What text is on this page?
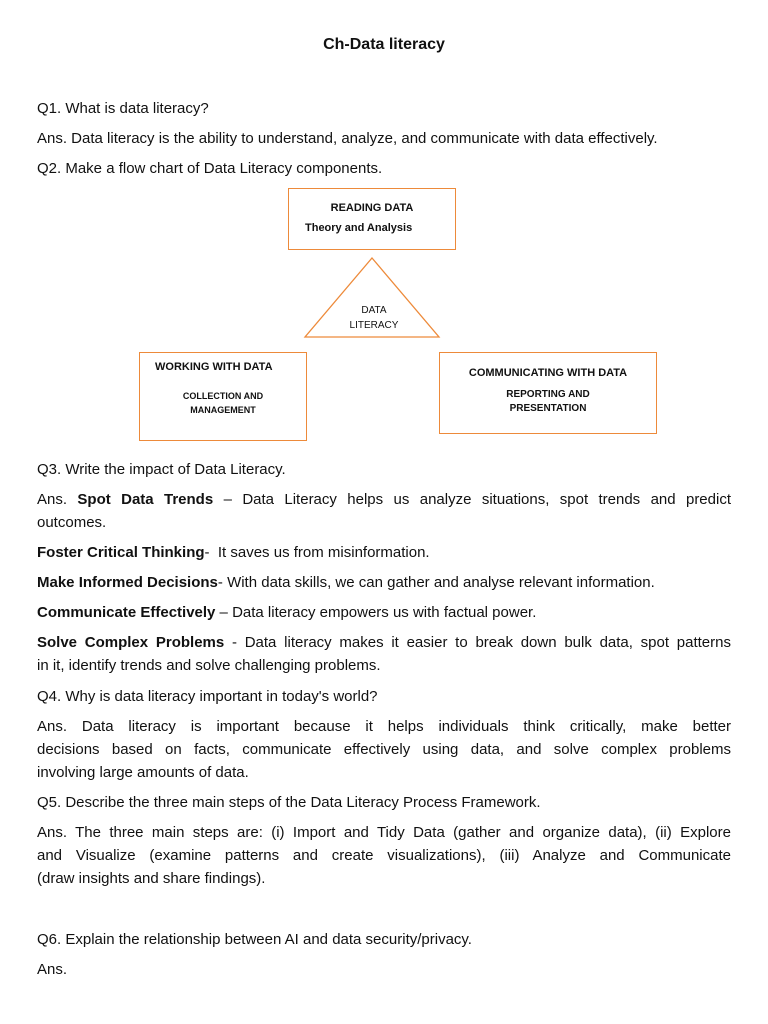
Ch-Data literacy
Q1. What is data literacy?
Ans. Data literacy is the ability to understand, analyze, and communicate with data effectively.
Q2. Make a flow chart of Data Literacy components.
READING DATA
Theory and Analysis
DATA
LITERACY
WORKING WITH DATA
COLLECTION AND
MANAGEMENT
COMMUNICATING WITH DATA
REPORTING AND
PRESENTATION
Q3. Write the impact of Data Literacy.
Ans. Spot Data Trends – Data Literacy helps us analyze situations, spot trends and predict
outcomes.
Foster Critical Thinking-  It saves us from misinformation.
Make Informed Decisions- With data skills, we can gather and analyse relevant information.
Communicate Effectively – Data literacy empowers us with factual power.
Solve Complex Problems - Data literacy makes it easier to break down bulk data, spot patterns
in it, identify trends and solve challenging problems.
Q4. Why is data literacy important in today's world?
Ans. Data literacy is important because it helps individuals think critically, make better
decisions based on facts, communicate effectively using data, and solve complex problems
involving large amounts of data.
Q5. Describe the three main steps of the Data Literacy Process Framework.
Ans. The three main steps are: (i) Import and Tidy Data (gather and organize data), (ii) Explore
and Visualize (examine patterns and create visualizations), (iii) Analyze and Communicate
(draw insights and share findings).
Q6. Explain the relationship between AI and data security/privacy.
Ans.
